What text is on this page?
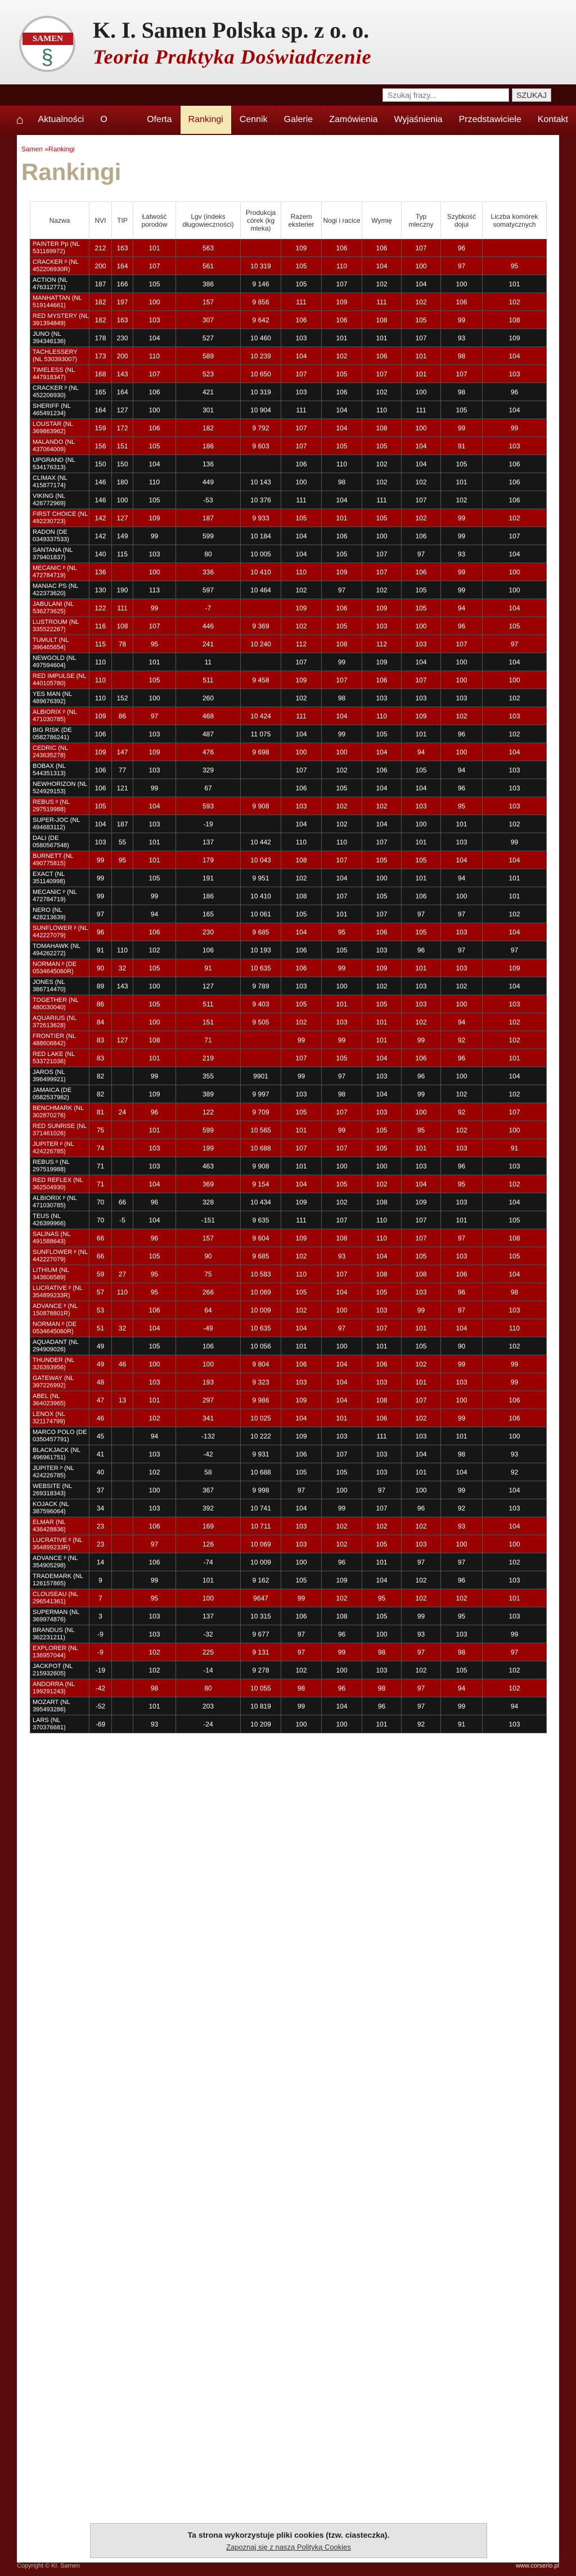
SAMEN
§
K. I. Samen Polska sp. z o. o.
Teoria Praktyka Doświadczenie
Szukaj frazy...
SZUKAJ
⌂	Aktualności	O	Oferta	Rankingi	Cennik	Galerie	Zamówienia	Wyjaśnienia	Przedstawiciele	Kontakt
Samen »Rankingi
Rankingi
Nazwa	NVI	TIP	Łatwość porodów	Lgv (indeks długowieczności)	Produkcja córek (kg mleka)	Razem eksterier	Nogi i racice	Wymię	Typ mleczny	Szybkość dojui	Liczba komórek somatycznych
PAINTER Pp (NL 531169972)	212	163	101	563		109	106	106	107	96	
CRACKER ᵖ (NL 452206930R)	200	164	107	561	10 319	105	110	104	100	97	95
ACTION (NL 476312771)	187	166	105	386	9 146	105	107	102	104	100	101
MANHATTAN (NL 519144661)	182	197	100	157	9 856	111	109	111	102	106	102
RED MYSTERY (NL 391394849)	182	163	103	307	9 642	106	106	108	105	99	108
JUNO (NL 394346136)	178	230	104	527	10 460	103	101	101	107	93	109
TACHLESSERY (NL 530393007)	173	200	110	589	10 239	104	102	106	101	98	104
TIMELESS (NL 447918347)	168	143	107	523	10 650	107	105	107	101	107	103
CRACKER ᵖ (NL 452206930)	165	164	106	421	10 319	103	106	102	100	98	96
SHERIFF (NL 465491234)	164	127	100	301	10 904	111	104	110	111	105	104
LOUSTAR (NL 369863962)	159	172	106	182	9 792	107	104	108	100	99	99
MALANDO (NL 437064009)	156	151	105	186	9 603	107	105	105	104	91	103
UPGRAND (NL 534176313)	150	150	104	136		106	110	102	104	105	106
CLIMAX (NL 415877174)	146	180	110	449	10 143	100	98	102	102	101	106
VIKING (NL 426772969)	146	100	105	-53	10 376	111	104	111	107	102	106
FIRST CHOICE (NL 492230723)	142	127	109	187	9 933	105	101	105	102	99	102
RADON (DE 0349337533)	142	149	99	599	10 184	104	106	100	106	99	107
SANTANA (NL 379401837)	140	115	103	80	10 005	104	105	107	97	93	104
MECANIC ᵖ (NL 472784719)	136		100	336	10 410	110	109	107	106	99	100
MANIAC PS (NL 422373620)	130	190	113	597	10 464	102	97	102	105	99	100
JABULANI (NL 536273625)	122	111	99	-7		109	106	109	105	94	104
LUSTROUM (NL 335522267)	116	108	107	446	9 369	102	105	103	100	96	105
TUMULT (NL 396465654)	115	78	95	241	10 240	112	108	112	103	107	97
NEWGOLD (NL 497594604)	110		101	11		107	99	109	104	100	104
RED IMPULSE (NL 440105780)	110		105	511	9 458	109	107	106	107	100	100
YES MAN (NL 489676392)	110	152	100	260		102	98	103	103	103	102
ALBIORIX ᵖ (NL 471030785)	109	86	97	468	10 424	111	104	110	109	102	103
BIG RISK (DE 0582786241)	106		103	487	11 075	104	99	105	101	96	102
CEDRIC (NL 243635278)	109	147	109	476	9 698	100	100	104	94	100	104
BOBAX (NL 544351313)	106	77	103	329		107	102	106	105	94	103
NEWHORIZON (NL 524929153)	106	121	99	67		106	105	104	104	96	103
REBUS ᵖ (NL 297519988)	105		104	593	9 908	103	102	102	103	95	103
SUPER-JOC (NL 494683112)	104	187	103	-19		104	102	104	100	101	102
DALI (DE 0580567548)	103	55	101	137	10 442	110	110	107	101	103	99
BURNETT (NL 490775815)	99	95	101	179	10 043	108	107	105	105	104	104
EXACT (NL 351140998)	99		105	191	9 951	102	104	100	101	94	101
MECANIC ᵖ (NL 472784719)	99		99	186	10 410	108	107	105	106	100	101
NERO (NL 428213639)	97		94	165	10 061	105	101	107	97	97	102
SUNFLOWER ᵖ (NL 442227079)	96		106	230	9 685	104	95	106	105	103	104
TOMAHAWK (NL 494262272)	91	110	102	106	10 193	106	105	103	96	97	97
NORMAN ᵖ (DE 0534645060R)	90	32	105	91	10 635	106	99	109	101	103	109
JONES (NL 386714470)	89	143	100	127	9 789	103	100	102	103	102	104
TOGETHER (NL 480030040)	86		105	511	9 403	105	101	105	103	100	103
AQUARIUS (NL 372613628)	84		100	151	9 505	102	103	101	102	94	102
FRONTIER (NL 488606842)	83	127	108	71		99	99	101	99	92	102
RED LAKE (NL 533721036)	83		101	219		107	105	104	106	96	101
JAROS (NL 396499921)	82		99	355	9901	99	97	103	96	100	104
JAMAICA (DE 0582537982)	82		109	389	9 997	103	98	104	99	102	102
BENCHMARK (NL 302870276)	81	24	96	122	9 709	105	107	103	100	92	107
RED SUNRISE (NL 371461026)	75		101	599	10 565	101	99	105	95	102	100
JUPITER ᵖ (NL 424226785)	74		103	199	10 688	107	107	105	101	103	91
REBUS ᵖ (NL 297519988)	71		103	463	9 908	101	100	100	103	96	103
RED REFLEX (NL 362504930)	71		104	369	9 154	104	105	102	104	95	102
ALBIORIX ᵖ (NL 471030785)	70	66	96	328	10 434	109	102	108	109	103	104
TEUS (NL 426399966)	70	-5	104	-151	9 635	111	107	110	107	101	105
SALINAS (NL 491588643)	66		96	157	9 604	109	108	110	107	97	108
SUNFLOWER ᵖ (NL 442227079)	66		105	90	9 685	102	93	104	105	103	105
LITHIUM (NL 343606589)	59	27	95	75	10 583	110	107	108	108	106	104
LUCRATIVE ᵖ (NL 354899233R)	57	110	95	266	10 069	105	104	105	103	96	98
ADVANCE ᵖ (NL 150878801R)	53		106	64	10 009	102	100	103	99	97	103
NORMAN ᵖ (DE 0534645060R)	51	32	104	-49	10 635	104	97	107	101	104	110
AQUADANT (NL 294909026)	49		105	106	10 056	101	100	101	105	90	102
THUNDER (NL 326393956)	49	46	100	100	9 804	106	104	106	102	99	99
GATEWAY (NL 397226992)	48		103	193	9 323	103	104	103	101	103	99
ABEL (NL 364023965)	47	13	101	297	9 986	109	104	108	107	100	106
LENOX (NL 321174799)	46		102	341	10 025	104	101	106	102	99	106
MARCO POLO (DE 0350457791)	45		94	-132	10 222	109	103	111	103	101	100
BLACKJACK (NL 496961751)	41		103	-42	9 931	106	107	103	104	98	93
JUPITER ᵖ (NL 424226785)	40		102	58	10 688	105	105	103	101	104	92
WEBSITE (NL 269318343)	37		100	367	9 998	97	100	97	100	99	104
KOJACK (NL 387596064)	34		103	392	10 741	104	99	107	96	92	103
ELMAR (NL 436428836)	23		106	169	10 711	103	102	102	102	93	104
LUCRATIVE ᵖ (NL 354899233R)	23		97	126	10 069	103	102	105	103	100	100
ADVANCE ᵖ (NL 354905298)	14		106	-74	10 009	100	96	101	97	97	102
TRADEMARK (NL 126157865)	9		99	101	9 162	105	109	104	102	96	103
CLOUSEAU (NL 296541361)	7		95	100	9647	99	102	95	102	102	101
SUPERMAN (NL 369974876)	3		103	137	10 315	106	108	105	99	95	103
BRANDUS (NL 362231211)	-9		103	-32	9 677	97	96	100	93	103	99
EXPLORER (NL 136957044)	-9		102	225	9 131	97	99	98	97	98	97
JACKPOT (NL 215932605)	-19		102	-14	9 278	102	100	103	102	105	102
ANDORRA (NL 199291243)	-42		98	80	10 055	98	96	98	97	94	102
MOZART (NL 395493286)	-52		101	203	10 819	99	104	96	97	99	94
LARS (NL 370376681)	-69		93	-24	10 209	100	100	101	92	91	103
Ta strona wykorzystuje pliki cookies (tzw. ciasteczka).
Zapoznaj się z naszą Polityką Cookies
Copyright © Kl. Samen	www.corserio.pl
